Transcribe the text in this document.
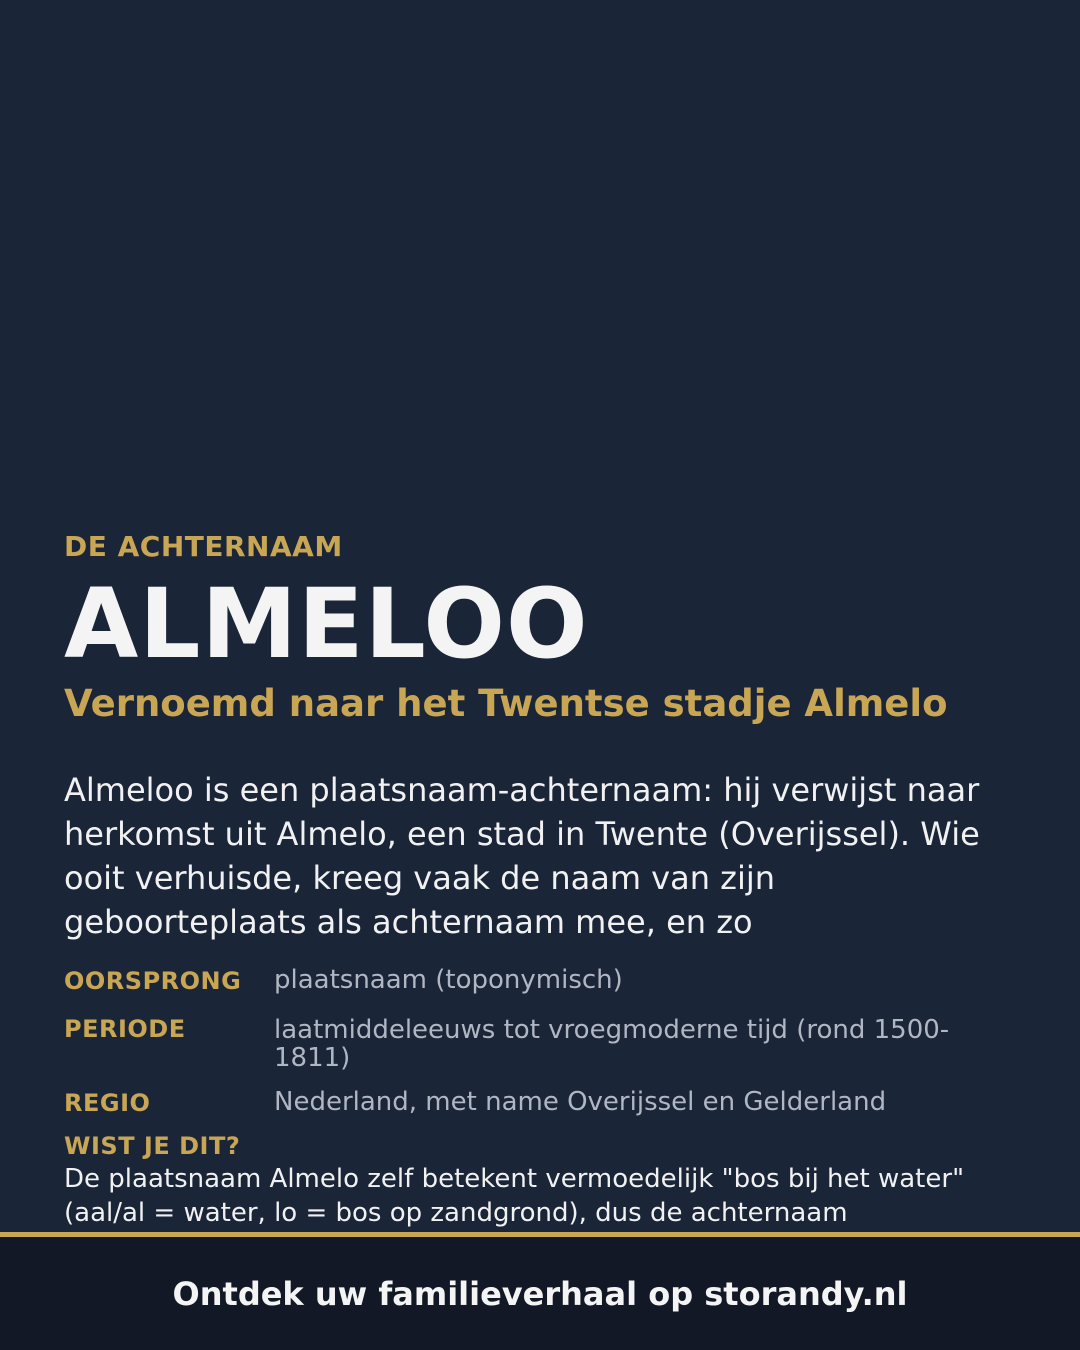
DE ACHTERNAAM
ALMELOO
Vernoemd naar het Twentse stadje Almelo
Almeloo is een plaatsnaam-achternaam: hij verwijst naar herkomst uit Almelo, een stad in Twente (Overijssel). Wie ooit verhuisde, kreeg vaak de naam van zijn geboorteplaats als achternaam mee, en zo
OORSPRONG	plaatsnaam (toponymisch)
PERIODE	laatmiddeleeuws tot vroegmoderne tijd (rond 1500-1811)
REGIO	Nederland, met name Overijssel en Gelderland
WIST JE DIT?
De plaatsnaam Almelo zelf betekent vermoedelijk "bos bij het water" (aal/al = water, lo = bos op zandgrond), dus de achternaam
Ontdek uw familieverhaal op storandy.nl
